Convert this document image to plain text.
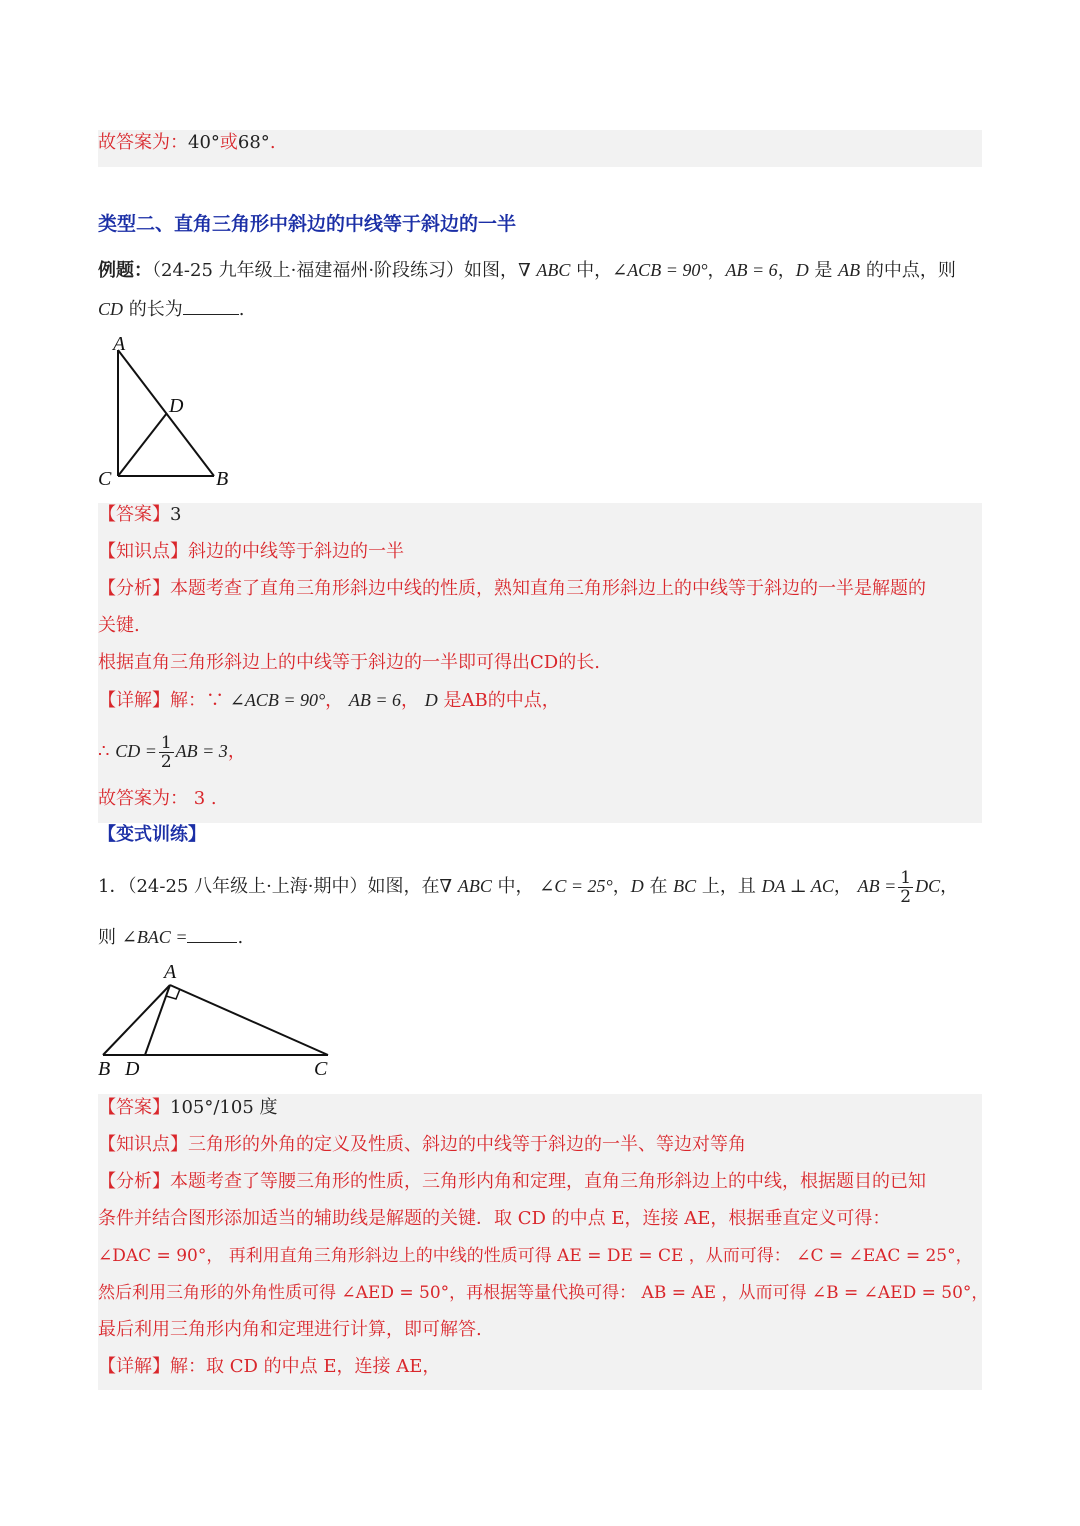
故答案为：40°或68°.
类型二、直角三角形中斜边的中线等于斜边的一半
例题：（24-25 九年级上·福建福州·阶段练习）如图，∇ ABC 中，∠ACB = 90°，AB = 6，D 是 AB 的中点，则
CD 的长为	.
A
D
C	B
【答案】3
【知识点】斜边的中线等于斜边的一半
【分析】本题考查了直角三角形斜边中线的性质，熟知直角三角形斜边上的中线等于斜边的一半是解题的
关键.
根据直角三角形斜边上的中线等于斜边的一半即可得出CD的长.
【详解】解：∵ ∠ACB = 90°， AB = 6， D 是AB的中点，
∴ CD = $\frac{1}{2}$ AB = 3，
故答案为： 3 .
【变式训练】
1．（24-25 八年级上·上海·期中）如图，在∇ ABC 中， ∠C = 25°，D 在 BC 上，且 DA ⊥ AC， AB = $\frac{1}{2}$ DC，
则 ∠BAC =	.
A
B D	C
【答案】105°/105 度
【知识点】三角形的外角的定义及性质、斜边的中线等于斜边的一半、等边对等角
【分析】本题考查了等腰三角形的性质，三角形内角和定理，直角三角形斜边上的中线，根据题目的已知
条件并结合图形添加适当的辅助线是解题的关键．取 CD 的中点 E，连接 AE，根据垂直定义可得：
∠DAC = 90°， 再利用直角三角形斜边上的中线的性质可得 AE = DE = CE ，从而可得： ∠C = ∠EAC = 25°，
然后利用三角形的外角性质可得 ∠AED = 50°，再根据等量代换可得： AB = AE ，从而可得 ∠B = ∠AED = 50°，
最后利用三角形内角和定理进行计算，即可解答.
【详解】解：取 CD 的中点 E，连接 AE，
